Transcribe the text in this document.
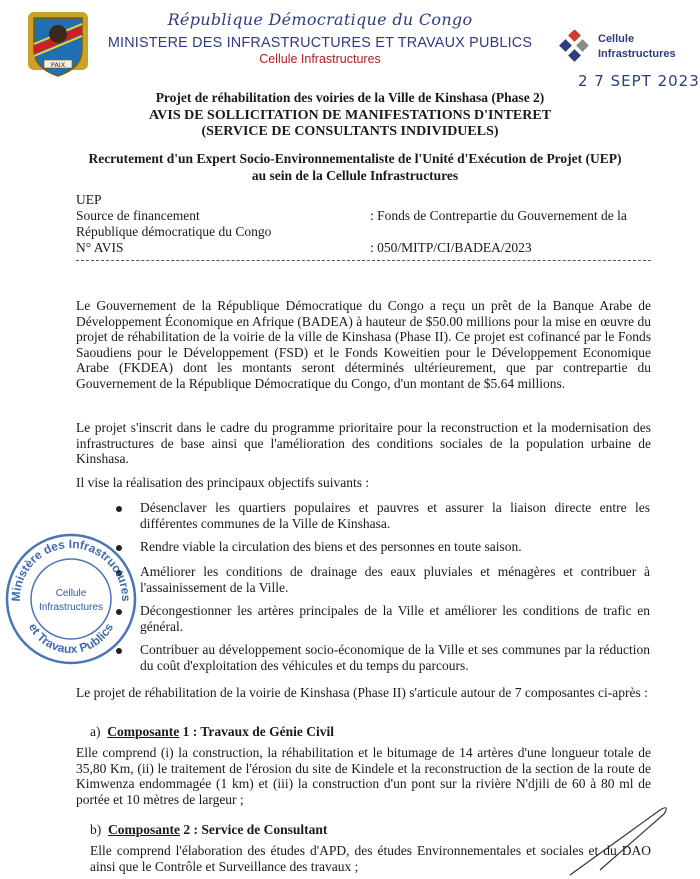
PAIX
République Démocratique du Congo
MINISTERE DES INFRASTRUCTURES ET TRAVAUX PUBLICS
Cellule Infrastructures
Cellule
Infrastructures
2 7 SEPT 2023
Projet de réhabilitation des voiries de la Ville de Kinshasa (Phase 2)
AVIS DE SOLLICITATION DE MANIFESTATIONS D'INTERET
(SERVICE DE CONSULTANTS INDIVIDUELS)
Recrutement d'un Expert Socio-Environnementaliste de l'Unité d'Exécution de Projet (UEP)
au sein de la Cellule Infrastructures
UEP
Source de financement	: Fonds de Contrepartie du Gouvernement de la
République démocratique du Congo
N° AVIS	: 050/MITP/CI/BADEA/2023
Le Gouvernement de la République Démocratique du Congo a reçu un prêt de la Banque Arabe de Développement Économique en Afrique (BADEA) à hauteur de $50.00 millions pour la mise en œuvre du projet de réhabilitation de la voirie de la ville de Kinshasa (Phase II). Ce projet est cofinancé par le Fonds Saoudiens pour le Développement (FSD) et le Fonds Koweitien pour le Développement Economique Arabe (FKDEA) dont les montants seront déterminés ultérieurement, que par contrepartie du Gouvernement de la République Démocratique du Congo, d'un montant de $5.64 millions.
Le projet s'inscrit dans le cadre du programme prioritaire pour la reconstruction et la modernisation des infrastructures de base ainsi que l'amélioration des conditions sociales de la population urbaine de Kinshasa.
Il vise la réalisation des principaux objectifs suivants :
Désenclaver les quartiers populaires et pauvres et assurer la liaison directe entre les différentes communes de la Ville de Kinshasa.
Rendre viable la circulation des biens et des personnes en toute saison.
Améliorer les conditions de drainage des eaux pluviales et ménagères et contribuer à l'assainissement de la Ville.
Décongestionner les artères principales de la Ville et améliorer les conditions de trafic en général.
Contribuer au développement socio-économique de la Ville et ses communes par la réduction du coût d'exploitation des véhicules et du temps du parcours.
Le projet de réhabilitation de la voirie de Kinshasa (Phase II) s'articule autour de 7 composantes ci-après :
a) Composante 1 : Travaux de Génie Civil
Elle comprend (i) la construction, la réhabilitation et le bitumage de 14 artères d'une longueur totale de 35,80 Km, (ii) le traitement de l'érosion du site de Kindele et la reconstruction de la section de la route de Kimwenza endommagée (1 km) et (iii) la construction d'un pont sur la rivière N'djili de 60 à 80 ml de portée et 10 mètres de largeur ;
b) Composante 2 : Service de Consultant
Elle comprend l'élaboration des études d'APD, des études Environnementales et sociales et du DAO ainsi que le Contrôle et Surveillance des travaux ;
Ministère des Infrastructures
et Travaux Publics
Cellule
Infrastructures
